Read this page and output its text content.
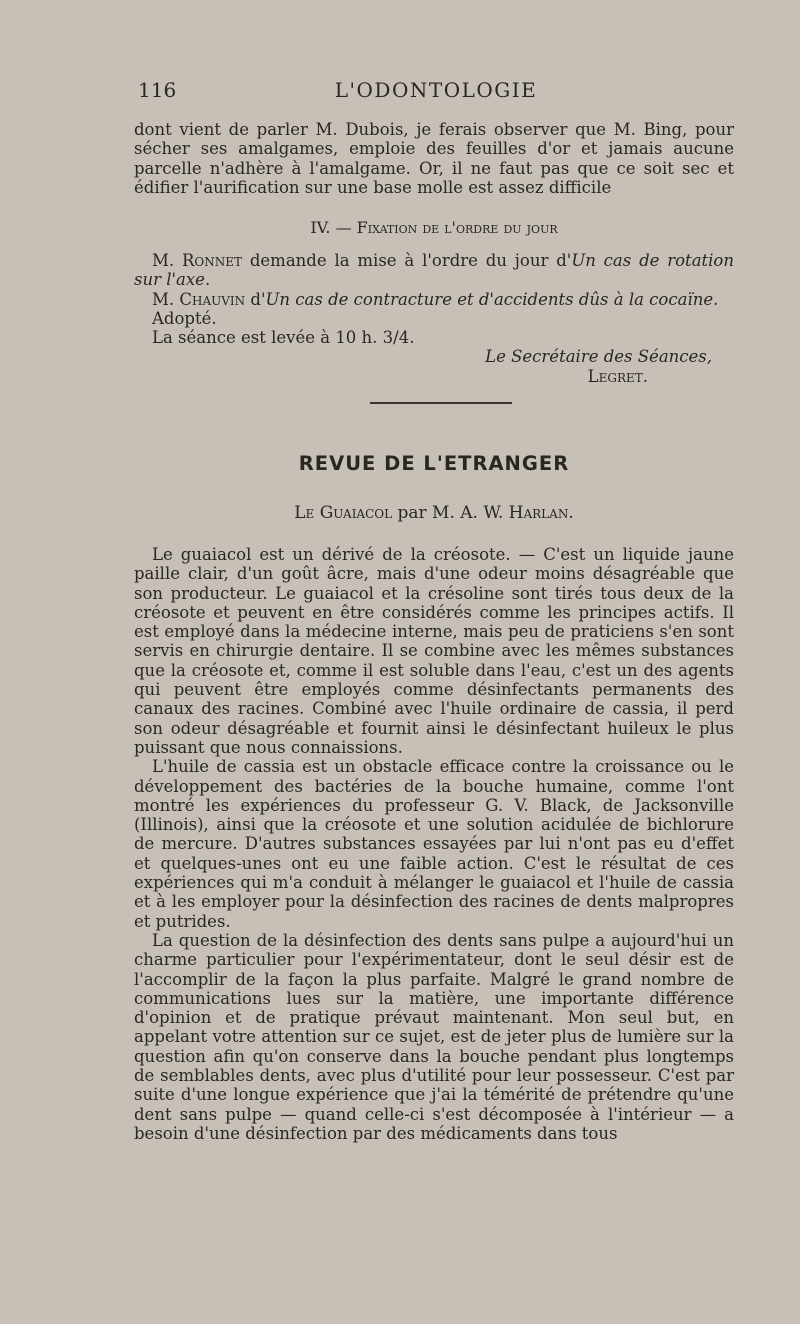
116	L'ODONTOLOGIE

dont vient de parler M. Dubois, je ferais observer que M. Bing, pour sécher ses amalgames, emploie des feuilles d'or et jamais aucune parcelle n'adhère à l'amalgame. Or, il ne faut pas que ce soit sec et édifier l'aurification sur une base molle est assez difficile

IV. — Fixation de l'ordre du jour

M. Ronnet demande la mise à l'ordre du jour d'Un cas de rotation sur l'axe.

M. Chauvin d'Un cas de contracture et d'accidents dûs à la cocaïne.

Adopté.

La séance est levée à 10 h. 3/4.

Le Secrétaire des Séances,

Legret.

REVUE DE L'ETRANGER
Le Guaiacol par M. A. W. Harlan.

Le guaiacol est un dérivé de la créosote. — C'est un liquide jaune paille clair, d'un goût âcre, mais d'une odeur moins désagréable que son producteur. Le guaiacol et la crésoline sont tirés tous deux de la créosote et peuvent en être considérés comme les principes actifs. Il est employé dans la médecine interne, mais peu de praticiens s'en sont servis en chirurgie dentaire. Il se combine avec les mêmes substances que la créosote et, comme il est soluble dans l'eau, c'est un des agents qui peuvent être employés comme désinfectants permanents des canaux des racines. Combiné avec l'huile ordinaire de cassia, il perd son odeur désagréable et fournit ainsi le désinfectant huileux le plus puissant que nous connaissions.

L'huile de cassia est un obstacle efficace contre la croissance ou le développement des bactéries de la bouche humaine, comme l'ont montré les expériences du professeur G. V. Black, de Jacksonville (Illinois), ainsi que la créosote et une solution acidulée de bichlorure de mercure. D'autres substances essayées par lui n'ont pas eu d'effet et quelques-unes ont eu une faible action. C'est le résultat de ces expériences qui m'a conduit à mélanger le guaiacol et l'huile de cassia et à les employer pour la désinfection des racines de dents malpropres et putrides.

La question de la désinfection des dents sans pulpe a aujourd'hui un charme particulier pour l'expérimentateur, dont le seul désir est de l'accomplir de la façon la plus parfaite. Malgré le grand nombre de communications lues sur la matière, une importante différence d'opinion et de pratique prévaut maintenant. Mon seul but, en appelant votre attention sur ce sujet, est de jeter plus de lumière sur la question afin qu'on conserve dans la bouche pendant plus longtemps de semblables dents, avec plus d'utilité pour leur possesseur. C'est par suite d'une longue expérience que j'ai la témérité de prétendre qu'une dent sans pulpe — quand celle-ci s'est décomposée à l'intérieur — a besoin d'une désinfection par des médicaments dans tous
